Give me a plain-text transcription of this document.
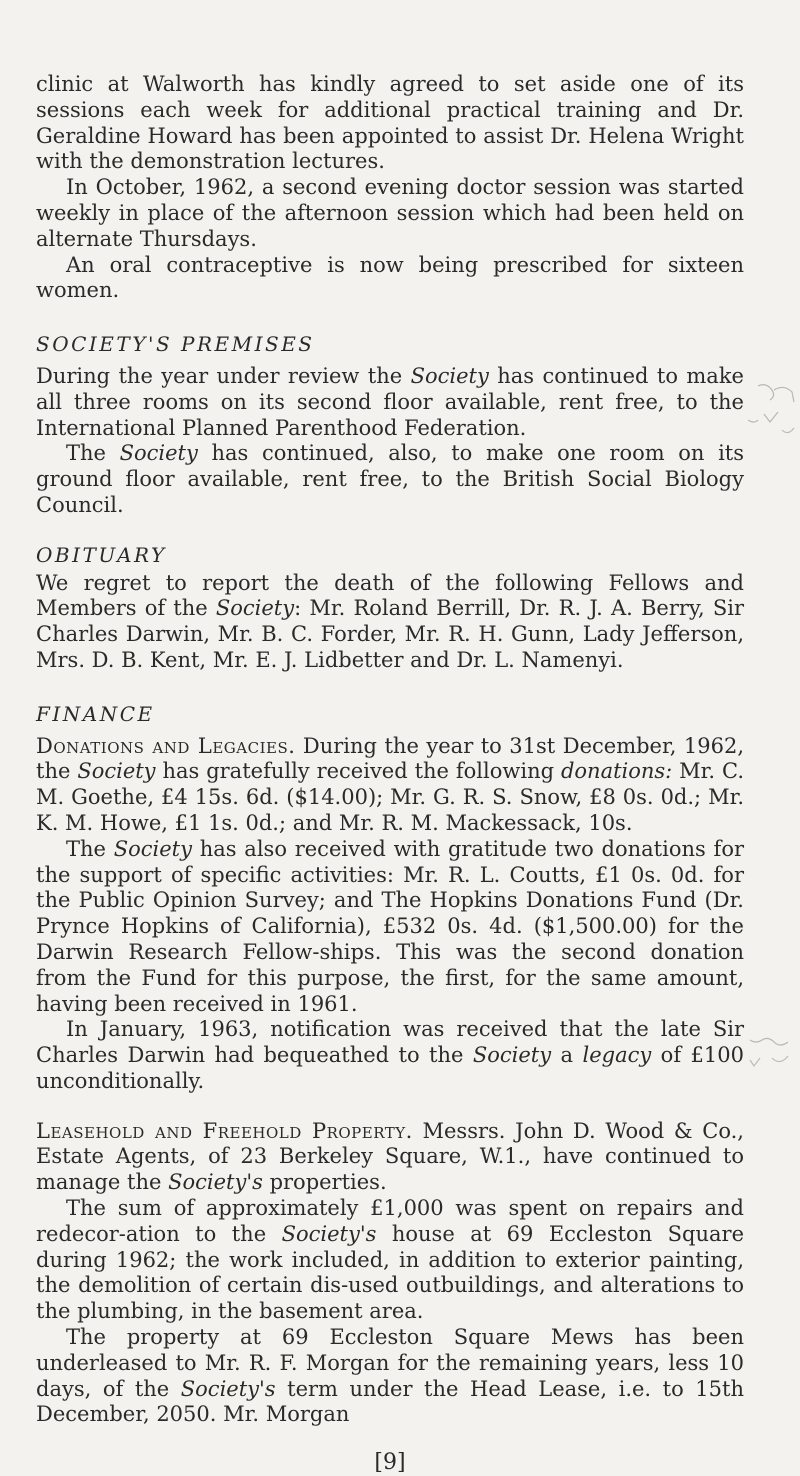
clinic at Walworth has kindly agreed to set aside one of its sessions each week for additional practical training and Dr. Geraldine Howard has been appointed to assist Dr. Helena Wright with the demonstration lectures.

In October, 1962, a second evening doctor session was started weekly in place of the afternoon session which had been held on alternate Thursdays.

An oral contraceptive is now being prescribed for sixteen women.

SOCIETY'S PREMISES

During the year under review the Society has continued to make all three rooms on its second floor available, rent free, to the International Planned Parenthood Federation.

The Society has continued, also, to make one room on its ground floor available, rent free, to the British Social Biology Council.

OBITUARY

We regret to report the death of the following Fellows and Members of the Society: Mr. Roland Berrill, Dr. R. J. A. Berry, Sir Charles Darwin, Mr. B. C. Forder, Mr. R. H. Gunn, Lady Jefferson, Mrs. D. B. Kent, Mr. E. J. Lidbetter and Dr. L. Namenyi.

FINANCE

Donations and Legacies. During the year to 31st December, 1962, the Society has gratefully received the following donations: Mr. C. M. Goethe, £4 15s. 6d. ($14.00); Mr. G. R. S. Snow, £8 0s. 0d.; Mr. K. M. Howe, £1 1s. 0d.; and Mr. R. M. Mackessack, 10s.

The Society has also received with gratitude two donations for the support of specific activities: Mr. R. L. Coutts, £1 0s. 0d. for the Public Opinion Survey; and The Hopkins Donations Fund (Dr. Prynce Hopkins of California), £532 0s. 4d. ($1,500.00) for the Darwin Research Fellow-ships. This was the second donation from the Fund for this purpose, the first, for the same amount, having been received in 1961.

In January, 1963, notification was received that the late Sir Charles Darwin had bequeathed to the Society a legacy of £100 unconditionally.

Leasehold and Freehold Property. Messrs. John D. Wood & Co., Estate Agents, of 23 Berkeley Square, W.1., have continued to manage the Society's properties.

The sum of approximately £1,000 was spent on repairs and redecor-ation to the Society's house at 69 Eccleston Square during 1962; the work included, in addition to exterior painting, the demolition of certain dis-used outbuildings, and alterations to the plumbing, in the basement area.

The property at 69 Eccleston Square Mews has been underleased to Mr. R. F. Morgan for the remaining years, less 10 days, of the Society's term under the Head Lease, i.e. to 15th December, 2050. Mr. Morgan

[9]
